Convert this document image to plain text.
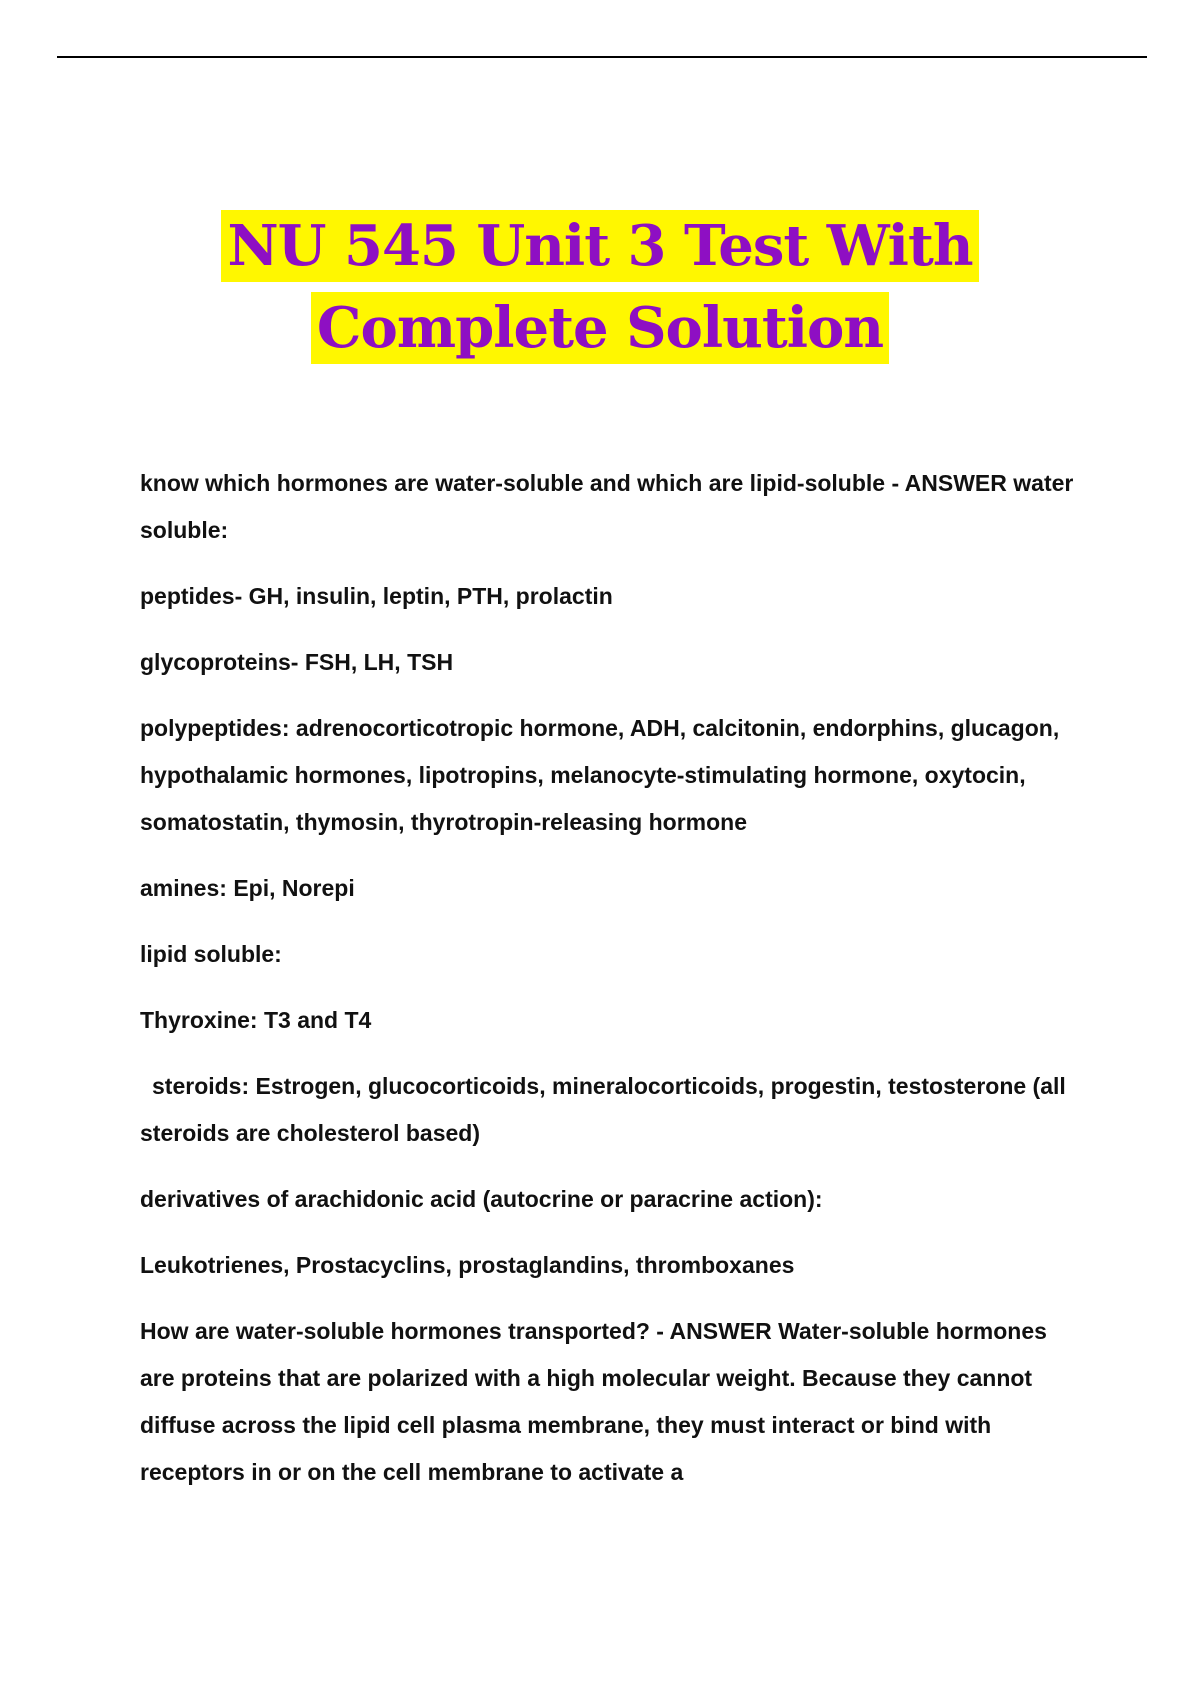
NU 545 Unit 3 Test With
Complete Solution

know which hormones are water-soluble and which are lipid-soluble - ANSWER water soluble:

peptides- GH, insulin, leptin, PTH, prolactin

glycoproteins- FSH, LH, TSH

polypeptides: adrenocorticotropic hormone, ADH, calcitonin, endorphins, glucagon, hypothalamic hormones, lipotropins, melanocyte-stimulating hormone, oxytocin, somatostatin, thymosin, thyrotropin-releasing hormone

amines: Epi, Norepi

lipid soluble:

Thyroxine: T3 and T4

steroids: Estrogen, glucocorticoids, mineralocorticoids, progestin, testosterone (all steroids are cholesterol based)

derivatives of arachidonic acid (autocrine or paracrine action):

Leukotrienes, Prostacyclins, prostaglandins, thromboxanes

How are water-soluble hormones transported? - ANSWER Water-soluble hormones are proteins that are polarized with a high molecular weight. Because they cannot diffuse across the lipid cell plasma membrane, they must interact or bind with receptors in or on the cell membrane to activate a
